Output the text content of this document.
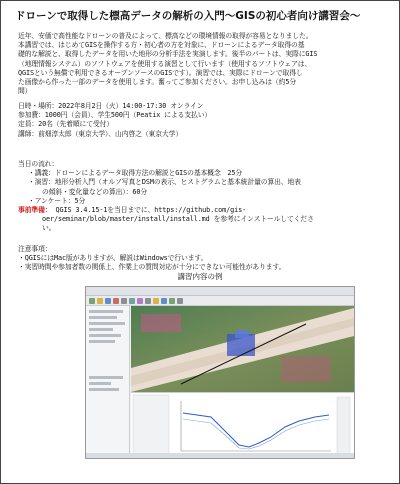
ドローンで取得した標高データの解析の入門～GISの初心者向け講習会～
近年、安価で高性能なドローンの普及によって、標高などの環境情報の取得が容易となりました。
本講習では、はじめてGISを操作する方・初心者の方を対象に、ドローンによるデータ取得の基
礎的な解説と、取得したデータを用いた地形の分析手法を実演します。後半のパートは、実際にGIS
（地理情報システム）のソフトウェアを使用する演習として行います（使用するソフトウェアは、
QGISという無償で利用できるオープンソースのGISです）。演習では、実際にドローンで取得し
た画像から作った一部のデータを使用します。奮ってご参加ください。お申し込みは（約5分
間）
日時・場所：2022年8月2日（火）14:00-17:30 オンライン
参加費：1000円（会員）、学生500円（Peatix による支払い）
定員：20名（先着順にて受付）
講師：前畑淳太郎（東京大学）、山内啓之（東京大学）
当日の流れ：
・講義：ドローンによるデータ取得方法の解説とGISの基本概念　25分
・演習：地形分析入門（オルソ写真とDSMの表示、ヒストグラムと基本統計量の算出、地表
の傾斜・変化量などの算出）：60分
・アンケート：5分
事前準備： QGIS 3.4.15-1を当日までに、https://github.com/gis-
oer/seminar/blob/master/install/install.md を参考にインストールしてくださ
い。
注意事項：
・QGISにはMac版がありますが、解説はWindowsで行います。
・実習時間や参加者数の関係上、作業上の質問対応が十分にできない可能性があります。
講習内容の例
